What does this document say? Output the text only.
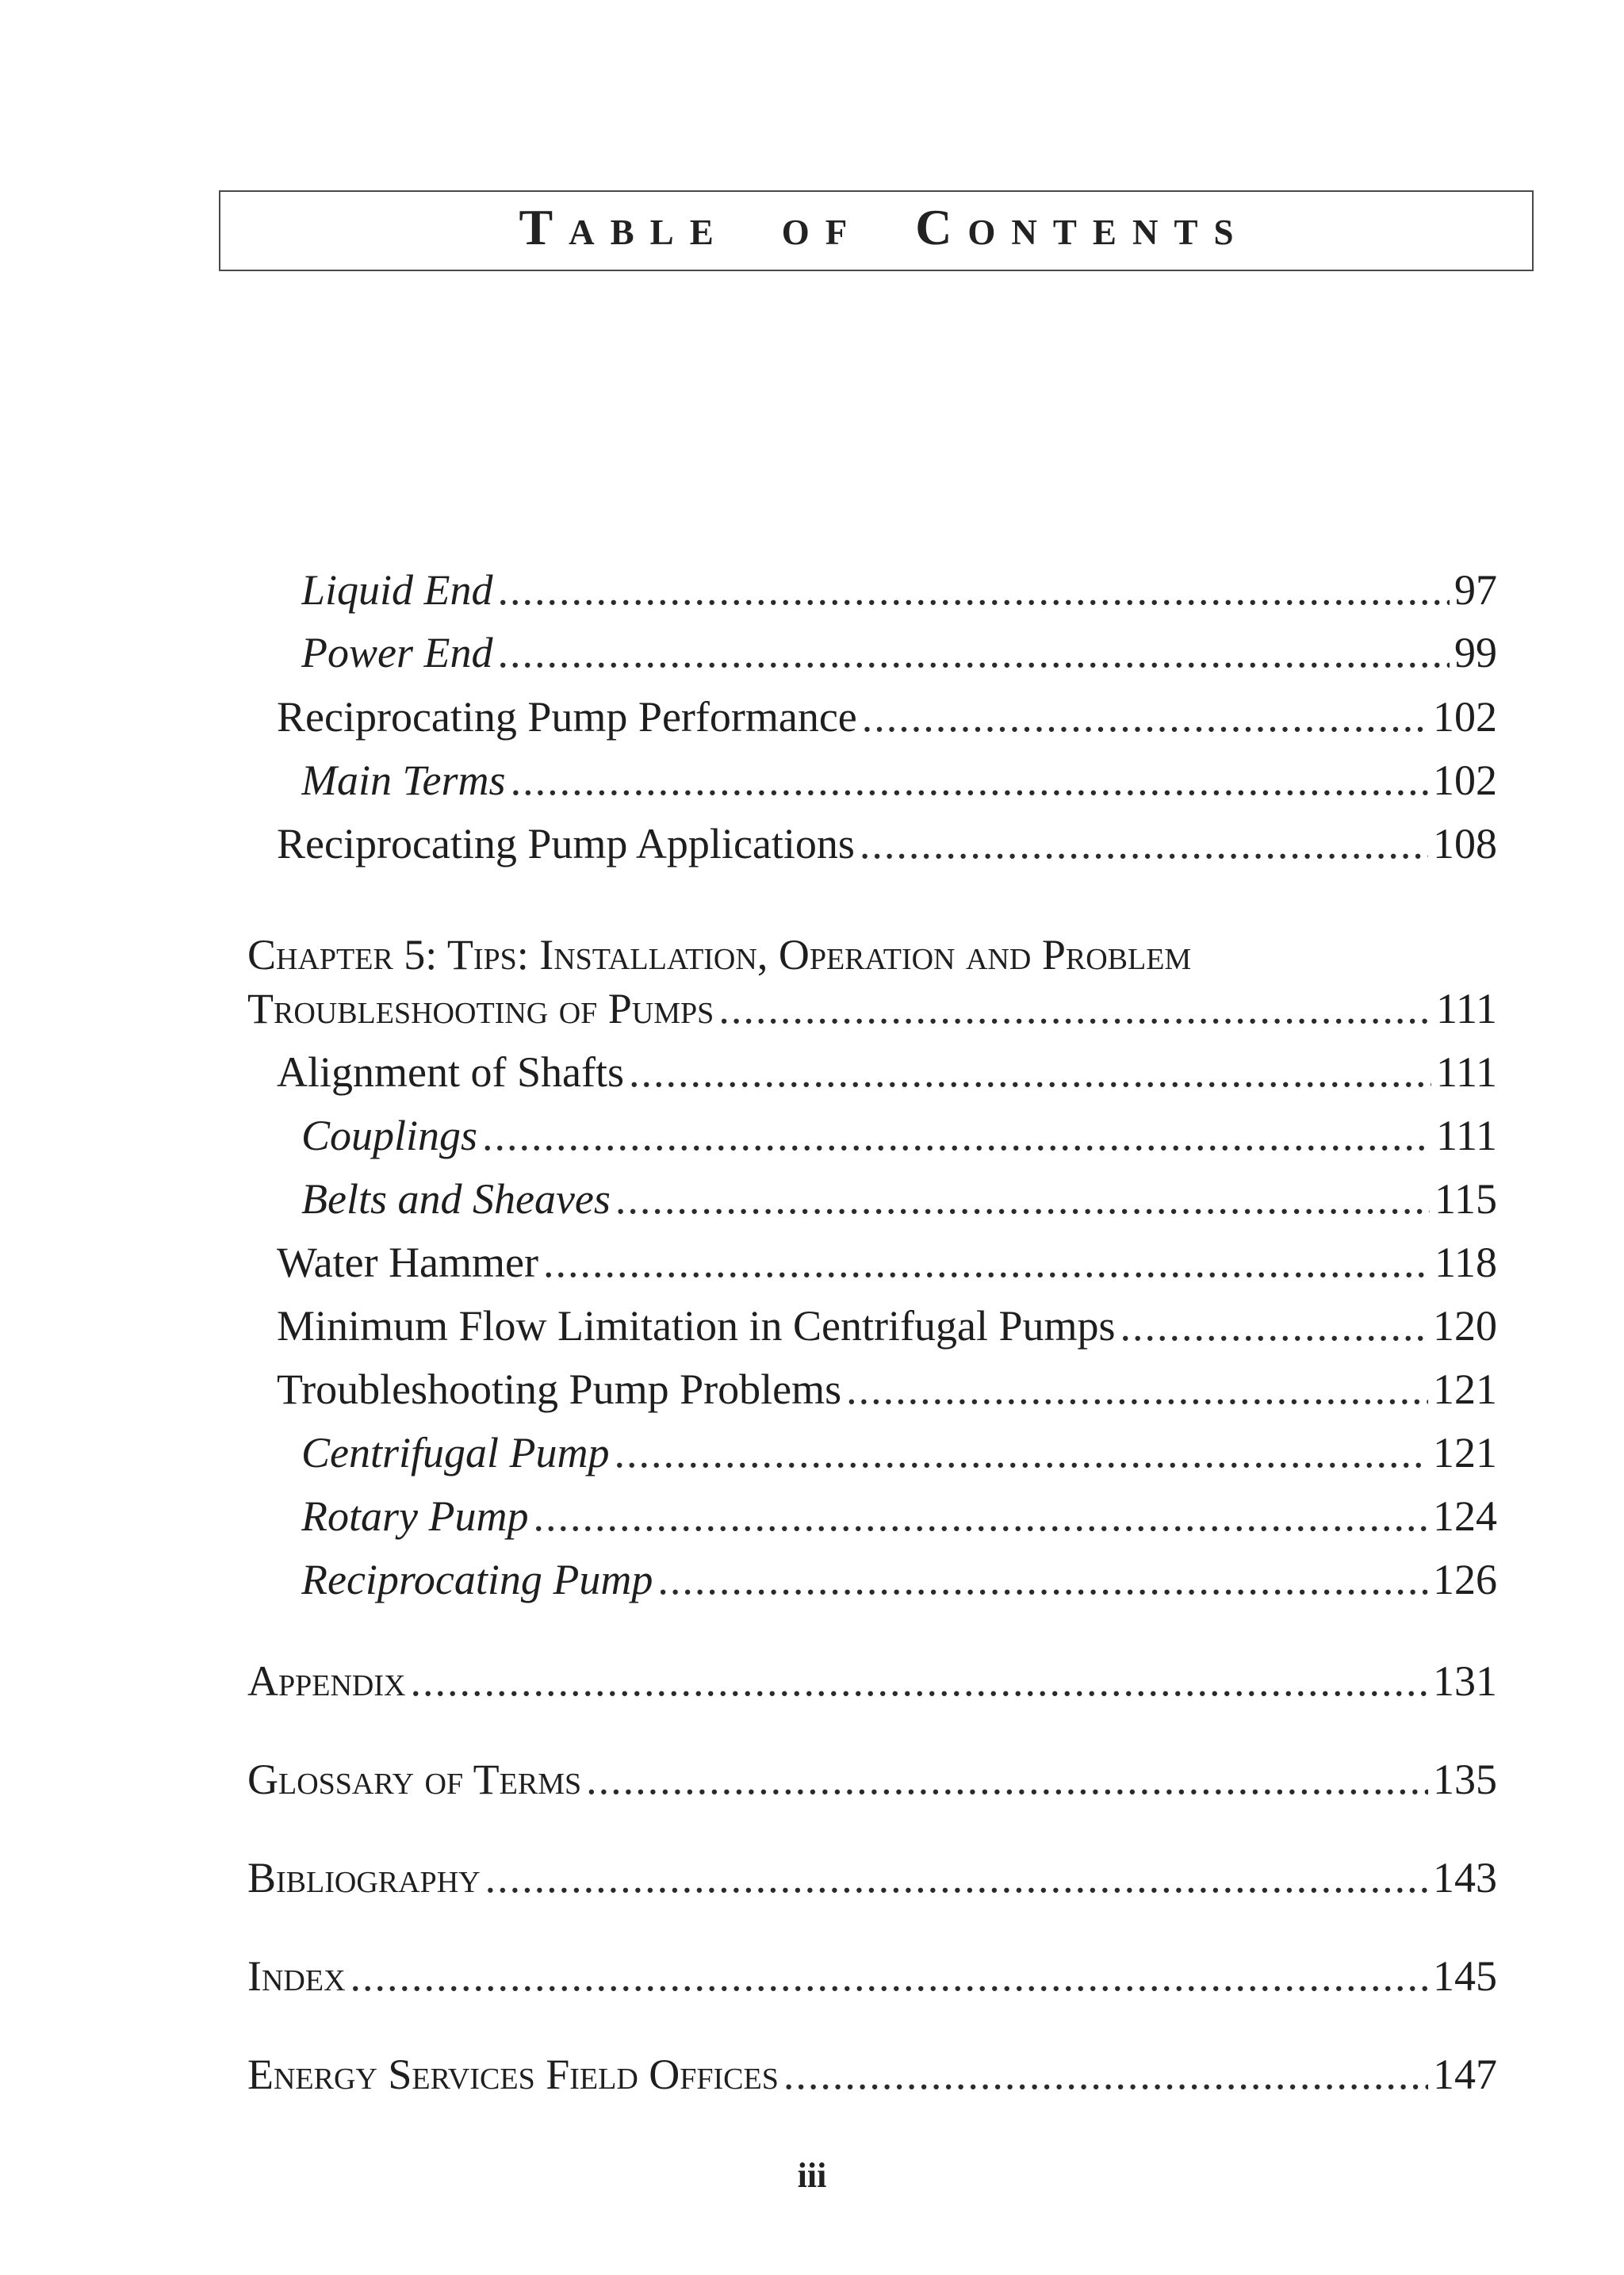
Table of Contents
Liquid End .....	97
Power End .....	99
Reciprocating Pump Performance .....	102
Main Terms .....	102
Reciprocating Pump Applications .....	108
Chapter 5: Tips: Installation, Operation and Problem
Troubleshooting of Pumps .....	111
Alignment of Shafts .....	111
Couplings .....	111
Belts and Sheaves .....	115
Water Hammer .....	118
Minimum Flow Limitation in Centrifugal Pumps .....	120
Troubleshooting Pump Problems .....	121
Centrifugal Pump .....	121
Rotary Pump .....	124
Reciprocating Pump .....	126
Appendix .....	131
Glossary of Terms .....	135
Bibliography .....	143
Index .....	145
Energy Services Field Offices .....	147
iii
